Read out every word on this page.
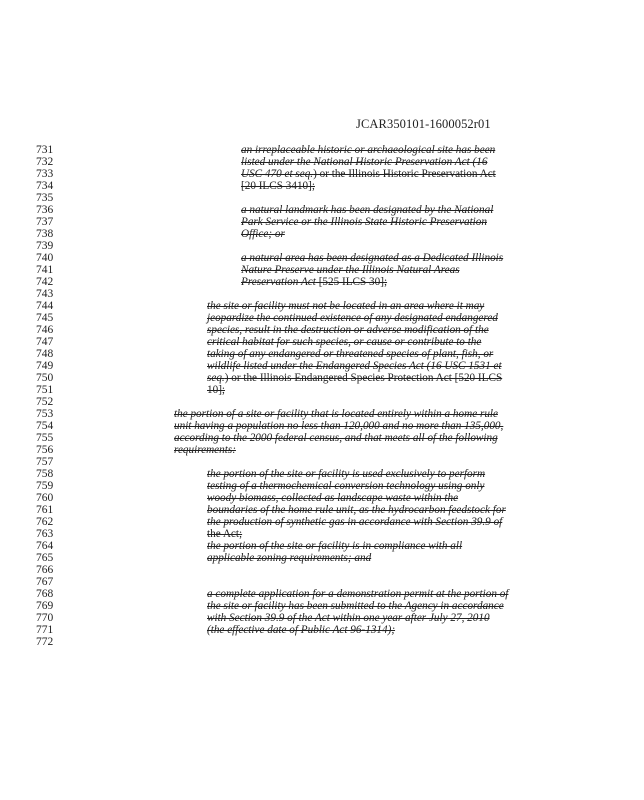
JCAR350101-1600052r01
731
732
733
734
735
736
737
738
739
740
741
742
743
744
745
746
747
748
749
750
751
752
753
754
755
756
757
758
759
760
761
762
763
764
765
766
767
768
769
770
771
772
an irreplaceable historic or archaeological site has been
listed under the National Historic Preservation Act (16
USC 470 et seq.) or the Illinois Historic Preservation Act
[20 ILCS 3410];
a natural landmark has been designated by the National
Park Service or the Illinois State Historic Preservation
Office; or
a natural area has been designated as a Dedicated Illinois
Nature Preserve under the Illinois Natural Areas
Preservation Act [525 ILCS 30];
the site or facility must not be located in an area where it may
jeopardize the continued existence of any designated endangered
species, result in the destruction or adverse modification of the
critical habitat for such species, or cause or contribute to the
taking of any endangered or threatened species of plant, fish, or
wildlife listed under the Endangered Species Act (16 USC 1531 et
seq.) or the Illinois Endangered Species Protection Act [520 ILCS
10];
the portion of a site or facility that is located entirely within a home rule
unit having a population no less than 120,000 and no more than 135,000,
according to the 2000 federal census, and that meets all of the following
requirements:
the portion of the site or facility is used exclusively to perform
testing of a thermochemical conversion technology using only
woody biomass, collected as landscape waste within the
boundaries of the home rule unit, as the hydrocarbon feedstock for
the production of synthetic gas in accordance with Section 39.9 of
the Act;
the portion of the site or facility is in compliance with all
applicable zoning requirements; and
a complete application for a demonstration permit at the portion of
the site or facility has been submitted to the Agency in accordance
with Section 39.9 of the Act within one year after July 27, 2010
(the effective date of Public Act 96-1314);
